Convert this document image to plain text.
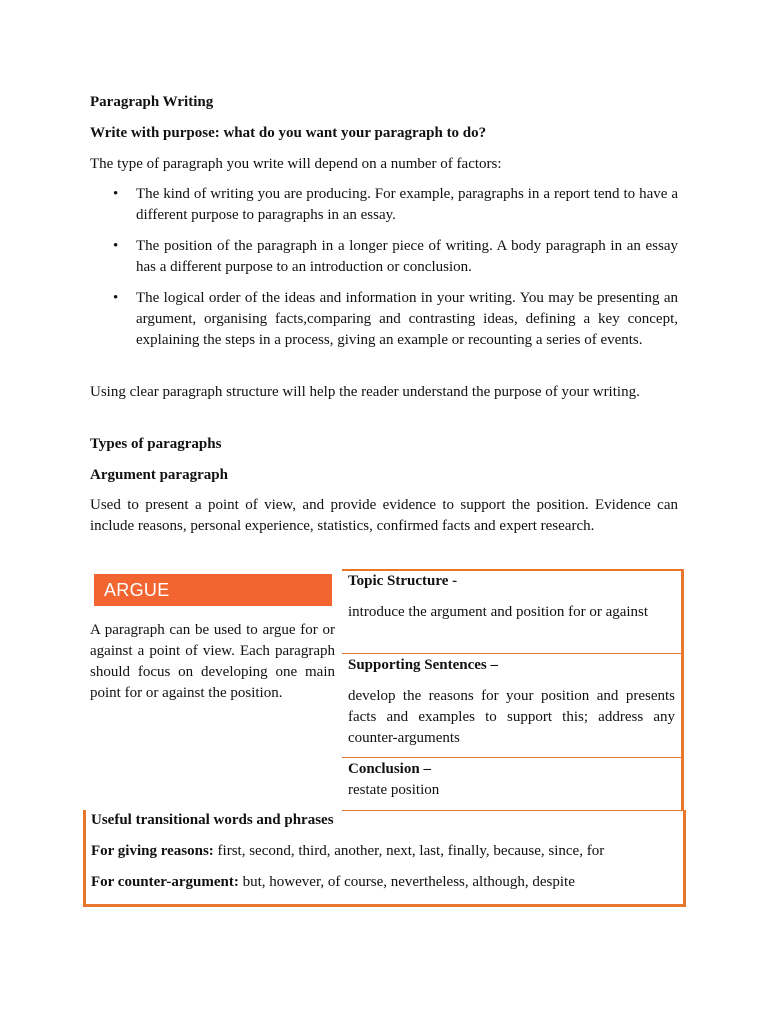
Paragraph Writing
Write with purpose: what do you want your paragraph to do?
The type of paragraph you write will depend on a number of factors:
• The kind of writing you are producing. For example, paragraphs in a report tend to have a different purpose to paragraphs in an essay.
• The position of the paragraph in a longer piece of writing. A body paragraph in an essay has a different purpose to an introduction or conclusion.
• The logical order of the ideas and information in your writing. You may be presenting an argument, organising facts,comparing and contrasting ideas, defining a key concept, explaining the steps in a process, giving an example or recounting a series of events.
Using clear paragraph structure will help the reader understand the purpose of your writing.
Types of paragraphs
Argument paragraph
Used to present a point of view, and provide evidence to support the position. Evidence can include reasons, personal experience, statistics, confirmed facts and expert research.
ARGUE
A paragraph can be used to argue for or against a point of view. Each paragraph should focus on developing one main point for or against the position.
Topic Structure -
introduce the argument and position for or against
Supporting Sentences –
develop the reasons for your position and presents facts and examples to support this; address any counter-arguments
Conclusion –
restate position
Useful transitional words and phrases
For giving reasons: first, second, third, another, next, last, finally, because, since, for
For counter-argument: but, however, of course, nevertheless, although, despite
